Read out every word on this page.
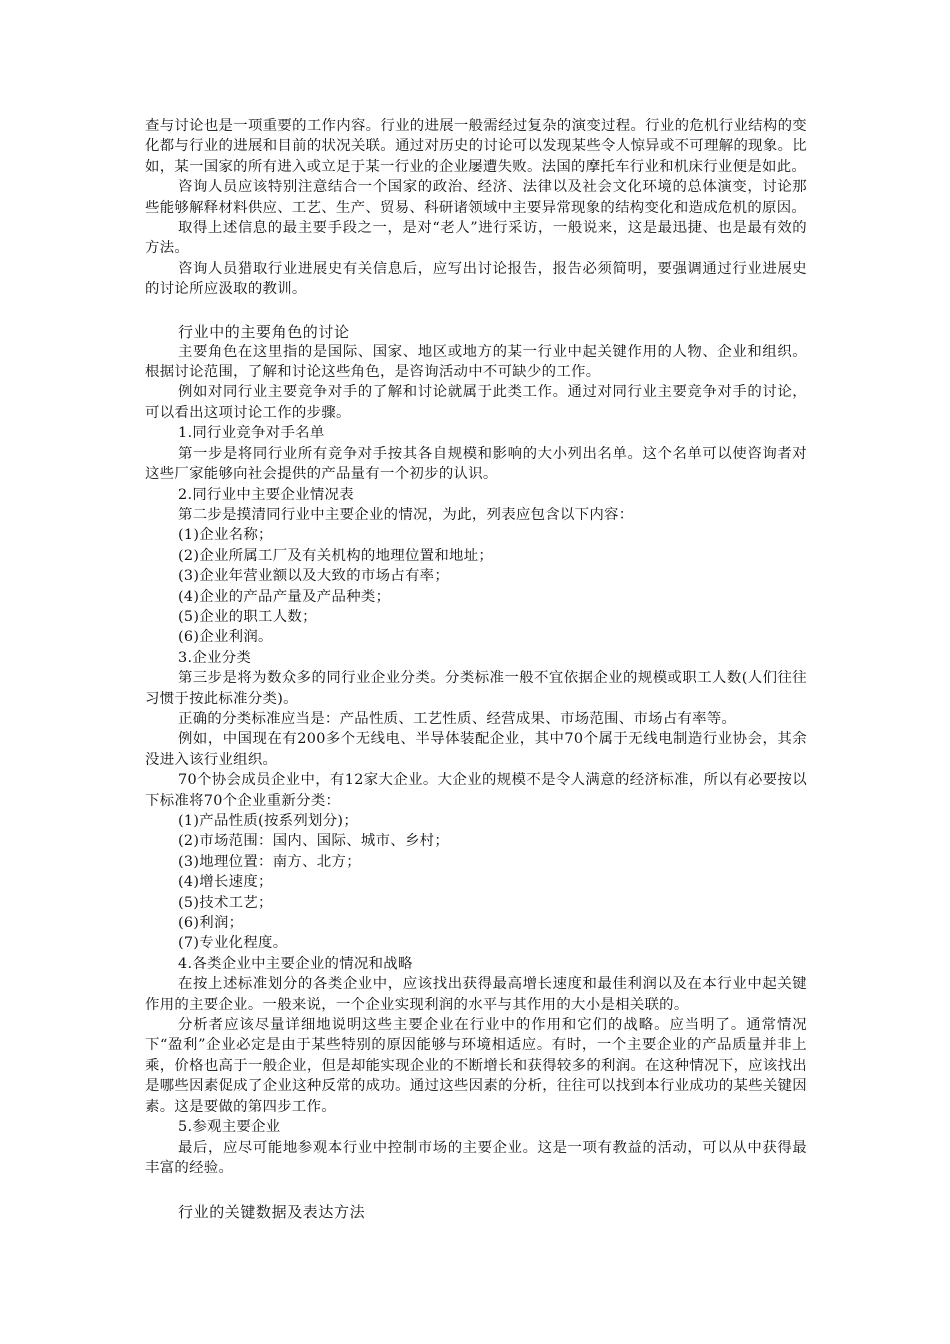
查与讨论也是一项重要的工作内容。行业的进展一般需经过复杂的演变过程。行业的危机行业结构的变化都与行业的进展和目前的状况关联。通过对历史的讨论可以发现某些令人惊异或不可理解的现象。比如，某一国家的所有进入或立足于某一行业的企业屡遭失败。法国的摩托车行业和机床行业便是如此。

咨询人员应该特别注意结合一个国家的政治、经济、法律以及社会文化环境的总体演变，讨论那些能够解释材料供应、工艺、生产、贸易、科研诸领域中主要异常现象的结构变化和造成危机的原因。

取得上述信息的最主要手段之一，是对“老人”进行采访，一般说来，这是最迅捷、也是最有效的方法。

咨询人员猎取行业进展史有关信息后，应写出讨论报告，报告必须简明，要强调通过行业进展史的讨论所应汲取的教训。

行业中的主要角色的讨论

主要角色在这里指的是国际、国家、地区或地方的某一行业中起关键作用的人物、企业和组织。根据讨论范围，了解和讨论这些角色，是咨询活动中不可缺少的工作。

例如对同行业主要竞争对手的了解和讨论就属于此类工作。通过对同行业主要竞争对手的讨论，可以看出这项讨论工作的步骤。

1.同行业竞争对手名单

第一步是将同行业所有竞争对手按其各自规模和影响的大小列出名单。这个名单可以使咨询者对这些厂家能够向社会提供的产品量有一个初步的认识。

2.同行业中主要企业情况表

第二步是摸清同行业中主要企业的情况，为此，列表应包含以下内容：

(1)企业名称；

(2)企业所属工厂及有关机构的地理位置和地址；

(3)企业年营业额以及大致的市场占有率；

(4)企业的产品产量及产品种类；

(5)企业的职工人数；

(6)企业利润。

3.企业分类

第三步是将为数众多的同行业企业分类。分类标准一般不宜依据企业的规模或职工人数(人们往往习惯于按此标准分类)。

正确的分类标准应当是：产品性质、工艺性质、经营成果、市场范围、市场占有率等。

例如，中国现在有200多个无线电、半导体装配企业，其中70个属于无线电制造行业协会，其余没进入该行业组织。

70个协会成员企业中，有12家大企业。大企业的规模不是令人满意的经济标准，所以有必要按以下标准将70个企业重新分类：

(1)产品性质(按系列划分)；

(2)市场范围：国内、国际、城市、乡村；

(3)地理位置：南方、北方；

(4)增长速度；

(5)技术工艺；

(6)利润；

(7)专业化程度。

4.各类企业中主要企业的情况和战略

在按上述标准划分的各类企业中，应该找出获得最高增长速度和最佳利润以及在本行业中起关键作用的主要企业。一般来说，一个企业实现利润的水平与其作用的大小是相关联的。

分析者应该尽量详细地说明这些主要企业在行业中的作用和它们的战略。应当明了。通常情况下“盈利”企业必定是由于某些特别的原因能够与环境相适应。有时，一个主要企业的产品质量并非上乘，价格也高于一般企业，但是却能实现企业的不断增长和获得较多的利润。在这种情况下，应该找出是哪些因素促成了企业这种反常的成功。通过这些因素的分析，往往可以找到本行业成功的某些关键因素。这是要做的第四步工作。

5.参观主要企业

最后，应尽可能地参观本行业中控制市场的主要企业。这是一项有教益的活动，可以从中获得最丰富的经验。

行业的关键数据及表达方法
